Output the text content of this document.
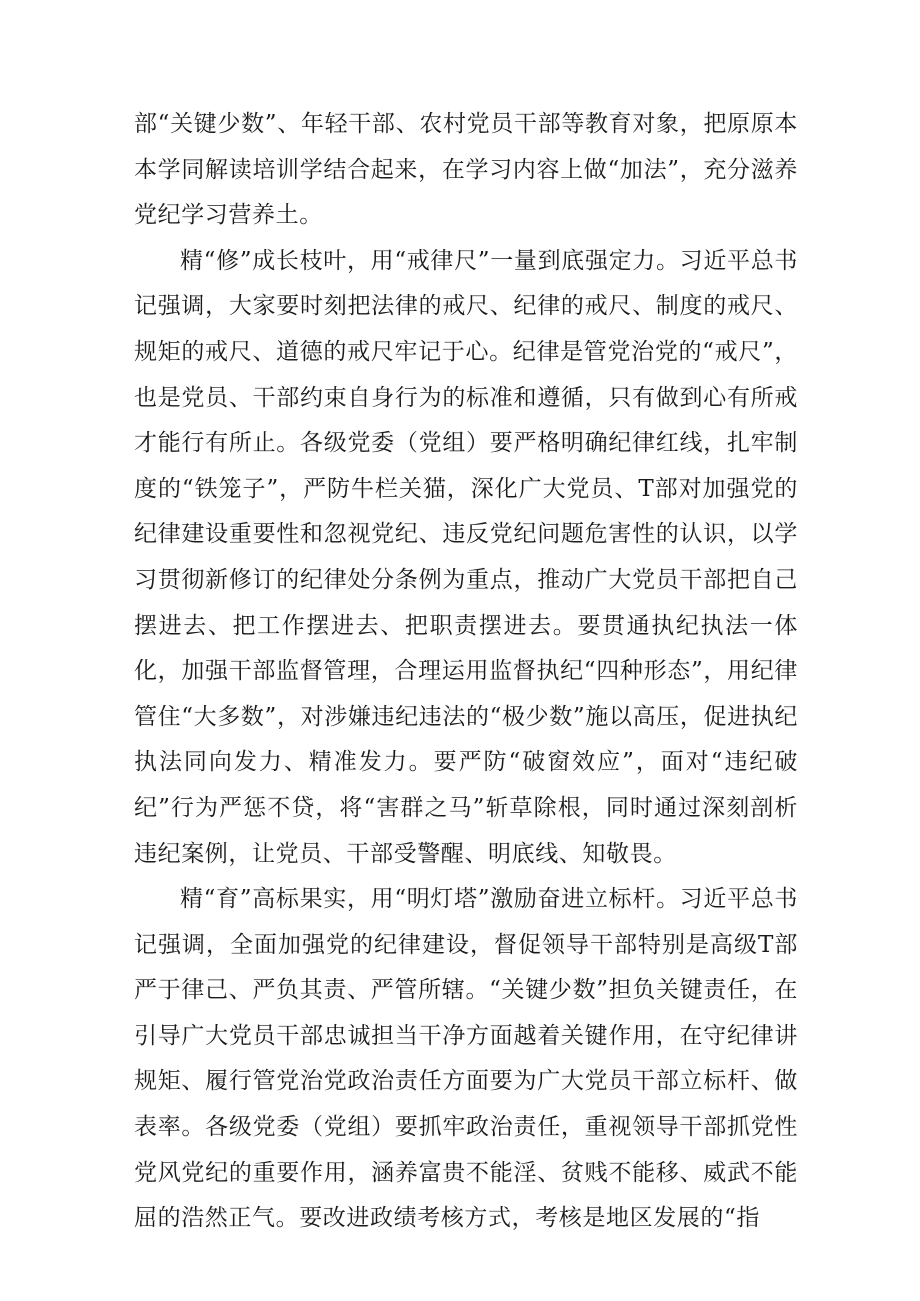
部“关键少数”、年轻干部、农村党员干部等教育对象，把原原本本学同解读培训学结合起来，在学习内容上做“加法”，充分滋养党纪学习营养土。

精“修”成长枝叶，用“戒律尺”一量到底强定力。习近平总书记强调，大家要时刻把法律的戒尺、纪律的戒尺、制度的戒尺、规矩的戒尺、道德的戒尺牢记于心。纪律是管党治党的“戒尺”，也是党员、干部约束自身行为的标准和遵循，只有做到心有所戒才能行有所止。各级党委（党组）要严格明确纪律红线，扎牢制度的“铁笼子”，严防牛栏关猫，深化广大党员、T部对加强党的纪律建设重要性和忽视党纪、违反党纪问题危害性的认识，以学习贯彻新修订的纪律处分条例为重点，推动广大党员干部把自己摆进去、把工作摆进去、把职责摆进去。要贯通执纪执法一体化，加强干部监督管理，合理运用监督执纪“四种形态”，用纪律管住“大多数”，对涉嫌违纪违法的“极少数”施以高压，促进执纪执法同向发力、精准发力。要严防“破窗效应”，面对“违纪破纪”行为严惩不贷，将“害群之马”斩草除根，同时通过深刻剖析违纪案例，让党员、干部受警醒、明底线、知敬畏。

精“育”高标果实，用“明灯塔”激励奋进立标杆。习近平总书记强调，全面加强党的纪律建设，督促领导干部特别是高级T部严于律己、严负其责、严管所辖。“关键少数”担负关键责任，在引导广大党员干部忠诚担当干净方面越着关键作用，在守纪律讲规矩、履行管党治党政治责任方面要为广大党员干部立标杆、做表率。各级党委（党组）要抓牢政治责任，重视领导干部抓党性党风党纪的重要作用，涵养富贵不能淫、贫贱不能移、威武不能屈的浩然正气。要改进政绩考核方式，考核是地区发展的“指
